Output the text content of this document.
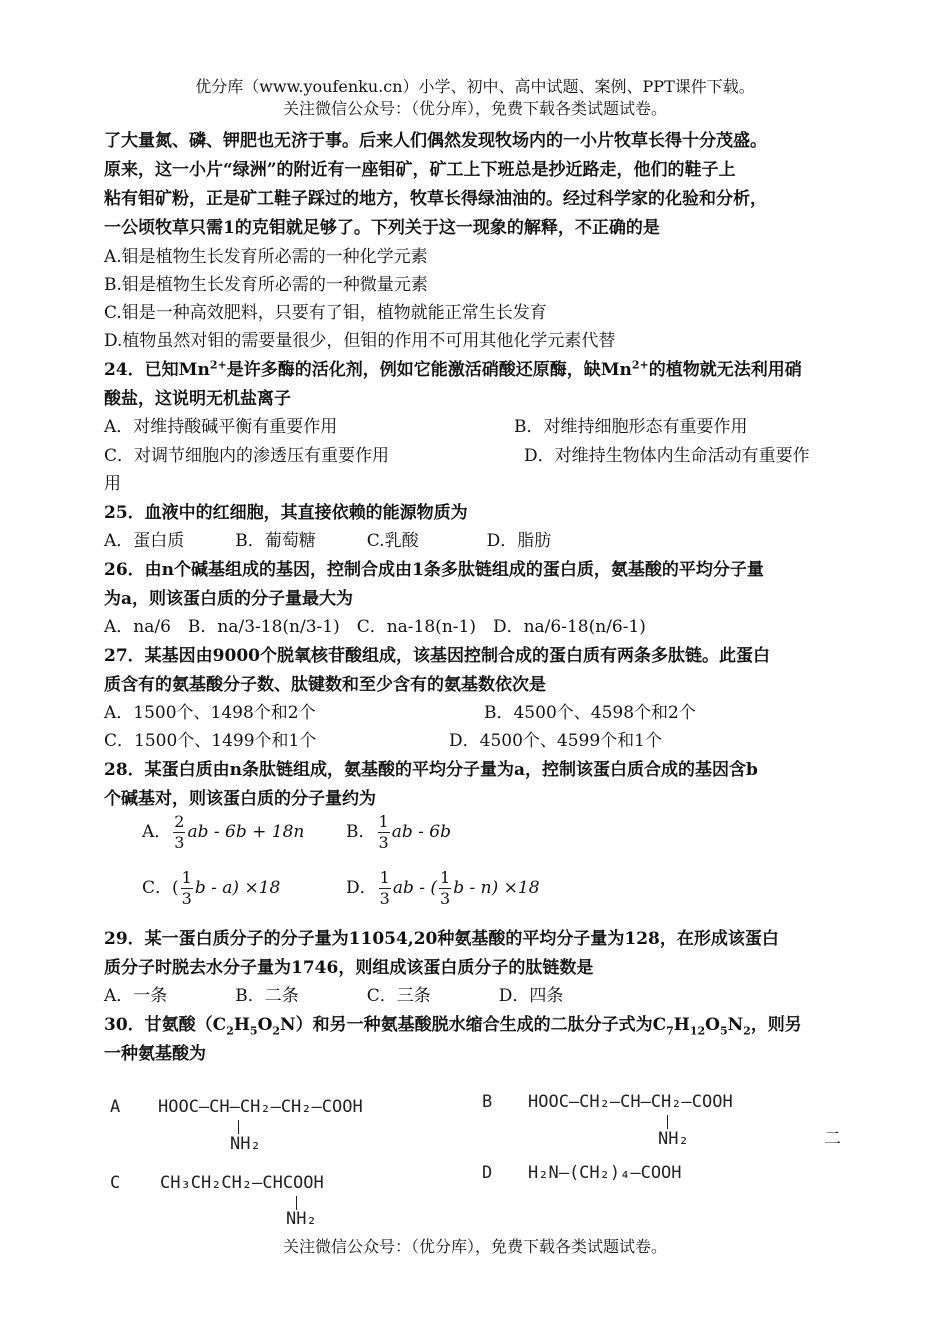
优分库（www.youfenku.cn）小学、初中、高中试题、案例、PPT课件下载。
关注微信公众号：（优分库），免费下载各类试题试卷。
了大量氮、磷、钾肥也无济于事。后来人们偶然发现牧场内的一小片牧草长得十分茂盛。
原来，这一小片“绿洲”的附近有一座钼矿，矿工上下班总是抄近路走，他们的鞋子上
粘有钼矿粉，正是矿工鞋子踩过的地方，牧草长得绿油油的。经过科学家的化验和分析，
一公顷牧草只需1的克钼就足够了。下列关于这一现象的解释，不正确的是
A.钼是植物生长发育所必需的一种化学元素
B.钼是植物生长发育所必需的一种微量元素
C.钼是一种高效肥料，只要有了钼，植物就能正常生长发育
D.植物虽然对钼的需要量很少，但钼的作用不可用其他化学元素代替
24．已知$Mn^{2+}$是许多酶的活化剂，例如它能激活硝酸还原酶，缺$Mn^{2+}$的植物就无法利用硝
酸盐，这说明无机盐离子
A．对维持酸碱平衡有重要作用	B．对维持细胞形态有重要作用
C．对调节细胞内的渗透压有重要作用	D．对维持生物体内生命活动有重要作
用
25．血液中的红细胞，其直接依赖的能源物质为
A．蛋白质　　　B．葡萄糖　　　C.乳酸　　　　D．脂肪
26．由n个碱基组成的基因，控制合成由1条多肽链组成的蛋白质，氨基酸的平均分子量
为a，则该蛋白质的分子量最大为
A．na/6　B．na/3-18(n/3-1)　C．na-18(n-1)　D．na/6-18(n/6-1)
27．某基因由9000个脱氧核苷酸组成，该基因控制合成的蛋白质有两条多肽链。此蛋白
质含有的氨基酸分子数、肽键数和至少含有的氨基数依次是
A．1500个、1498个和2个	B．4500个、4598个和2个
C．1500个、1499个和1个	D．4500个、4599个和1个
28．某蛋白质由n条肽链组成，氨基酸的平均分子量为a，控制该蛋白质合成的基因含b
个碱基对，则该蛋白质的分子量约为
A． $\frac{2}{3}$ ab - 6b + 18n B． $\frac{1}{3}$ ab - 6b
C．( $\frac{1}{3}$ b - a) ×18	D． $\frac{1}{3}$ ab - ( $\frac{1}{3}$ b - n) ×18
29．某一蛋白质分子的分子量为11054,20种氨基酸的平均分子量为128，在形成该蛋白
质分子时脱去水分子量为1746，则组成该蛋白质分子的肽链数是
A．一条　　　　B．二条　　　　C．三条　　　　D．四条
30．甘氨酸$(C_2H_5O_2N)$和另一种氨基酸脱水缩合生成的二肽分子式为$C_7H_{12}O_5N_2$，则另
一种氨基酸为
A HOOC—CH—CH₂—CH₂—COOH
NH₂
B HOOC—CH₂—CH—CH₂—COOH
NH₂	二
C CH₃CH₂CH₂—CHCOOH
NH₂
D H₂N—(CH₂)₄—COOH
关注微信公众号：（优分库），免费下载各类试题试卷。
